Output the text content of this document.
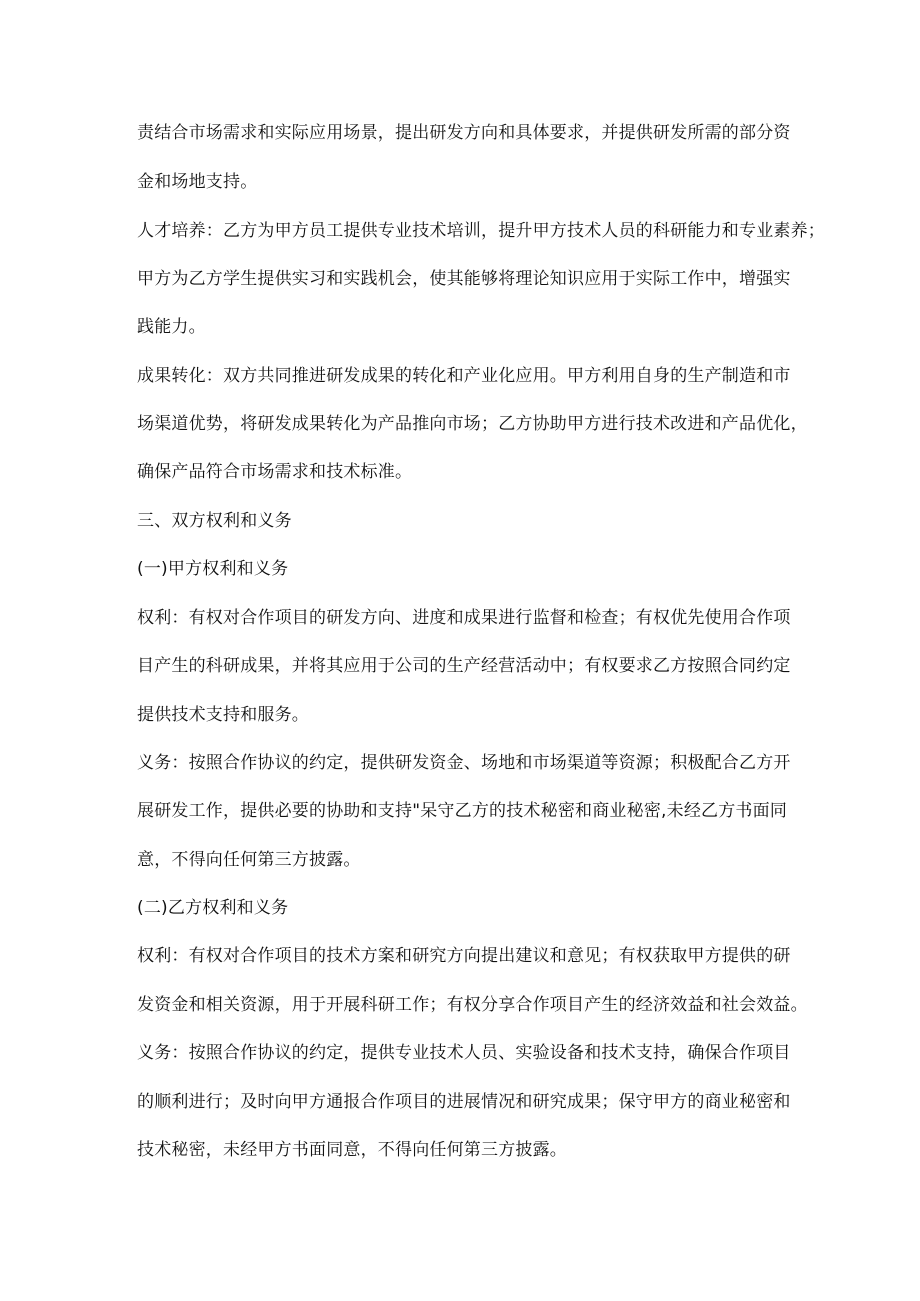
责结合市场需求和实际应用场景，提出研发方向和具体要求，并提供研发所需的部分资
金和场地支持。
人才培养：乙方为甲方员工提供专业技术培训，提升甲方技术人员的科研能力和专业素养；
甲方为乙方学生提供实习和实践机会，使其能够将理论知识应用于实际工作中，增强实
践能力。
成果转化：双方共同推进研发成果的转化和产业化应用。甲方利用自身的生产制造和市
场渠道优势，将研发成果转化为产品推向市场；乙方协助甲方进行技术改进和产品优化，
确保产品符合市场需求和技术标准。
三、双方权利和义务
(一)甲方权利和义务
权利：有权对合作项目的研发方向、进度和成果进行监督和检查；有权优先使用合作项
目产生的科研成果，并将其应用于公司的生产经营活动中；有权要求乙方按照合同约定
提供技术支持和服务。
义务：按照合作协议的约定，提供研发资金、场地和市场渠道等资源；积极配合乙方开
展研发工作，提供必要的协助和支持"呆守乙方的技术秘密和商业秘密,未经乙方书面同
意，不得向任何第三方披露。
(二)乙方权利和义务
权利：有权对合作项目的技术方案和研究方向提出建议和意见；有权获取甲方提供的研
发资金和相关资源，用于开展科研工作；有权分享合作项目产生的经济效益和社会效益。
义务：按照合作协议的约定，提供专业技术人员、实验设备和技术支持，确保合作项目
的顺利进行；及时向甲方通报合作项目的进展情况和研究成果；保守甲方的商业秘密和
技术秘密，未经甲方书面同意，不得向任何第三方披露。
